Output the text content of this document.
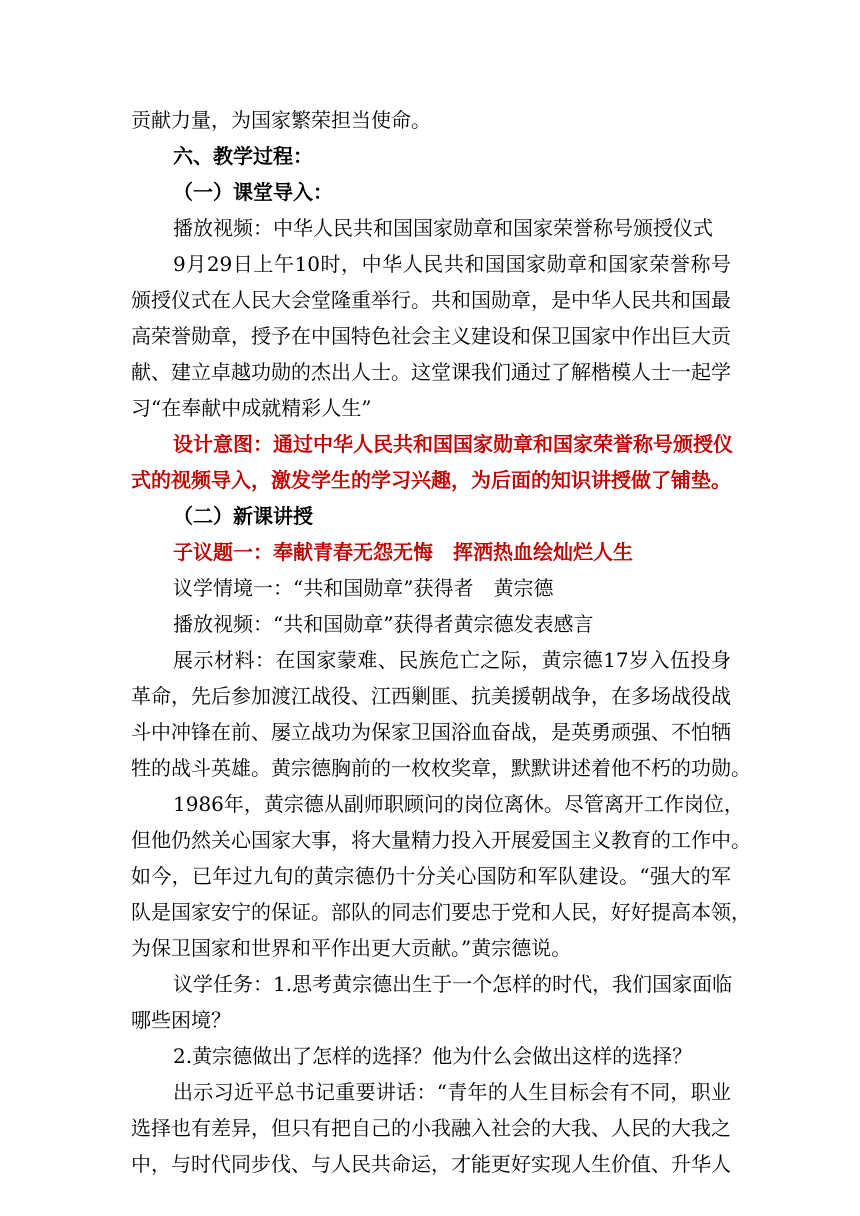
贡献力量，为国家繁荣担当使命。
六、教学过程：
（一）课堂导入：
播放视频：中华人民共和国国家勋章和国家荣誉称号颁授仪式
9月29日上午10时，中华人民共和国国家勋章和国家荣誉称号
颁授仪式在人民大会堂隆重举行。共和国勋章，是中华人民共和国最
高荣誉勋章，授予在中国特色社会主义建设和保卫国家中作出巨大贡
献、建立卓越功勋的杰出人士。这堂课我们通过了解楷模人士一起学
习“在奉献中成就精彩人生”
设计意图：通过中华人民共和国国家勋章和国家荣誉称号颁授仪
式的视频导入，激发学生的学习兴趣，为后面的知识讲授做了铺垫。
（二）新课讲授
子议题一：奉献青春无怨无悔　挥洒热血绘灿烂人生
议学情境一：“共和国勋章”获得者　黄宗德
播放视频：“共和国勋章”获得者黄宗德发表感言
展示材料：在国家蒙难、民族危亡之际，黄宗德17岁入伍投身
革命，先后参加渡江战役、江西剿匪、抗美援朝战争，在多场战役战
斗中冲锋在前、屡立战功为保家卫国浴血奋战，是英勇顽强、不怕牺
牲的战斗英雄。黄宗德胸前的一枚枚奖章，默默讲述着他不朽的功勋。
1986年，黄宗德从副师职顾问的岗位离休。尽管离开工作岗位，
但他仍然关心国家大事，将大量精力投入开展爱国主义教育的工作中。
如今，已年过九旬的黄宗德仍十分关心国防和军队建设。“强大的军
队是国家安宁的保证。部队的同志们要忠于党和人民，好好提高本领，
为保卫国家和世界和平作出更大贡献。”黄宗德说。
议学任务：1.思考黄宗德出生于一个怎样的时代，我们国家面临
哪些困境？
2.黄宗德做出了怎样的选择？他为什么会做出这样的选择？
出示习近平总书记重要讲话：“青年的人生目标会有不同，职业
选择也有差异，但只有把自己的小我融入社会的大我、人民的大我之
中，与时代同步伐、与人民共命运，才能更好实现人生价值、升华人
